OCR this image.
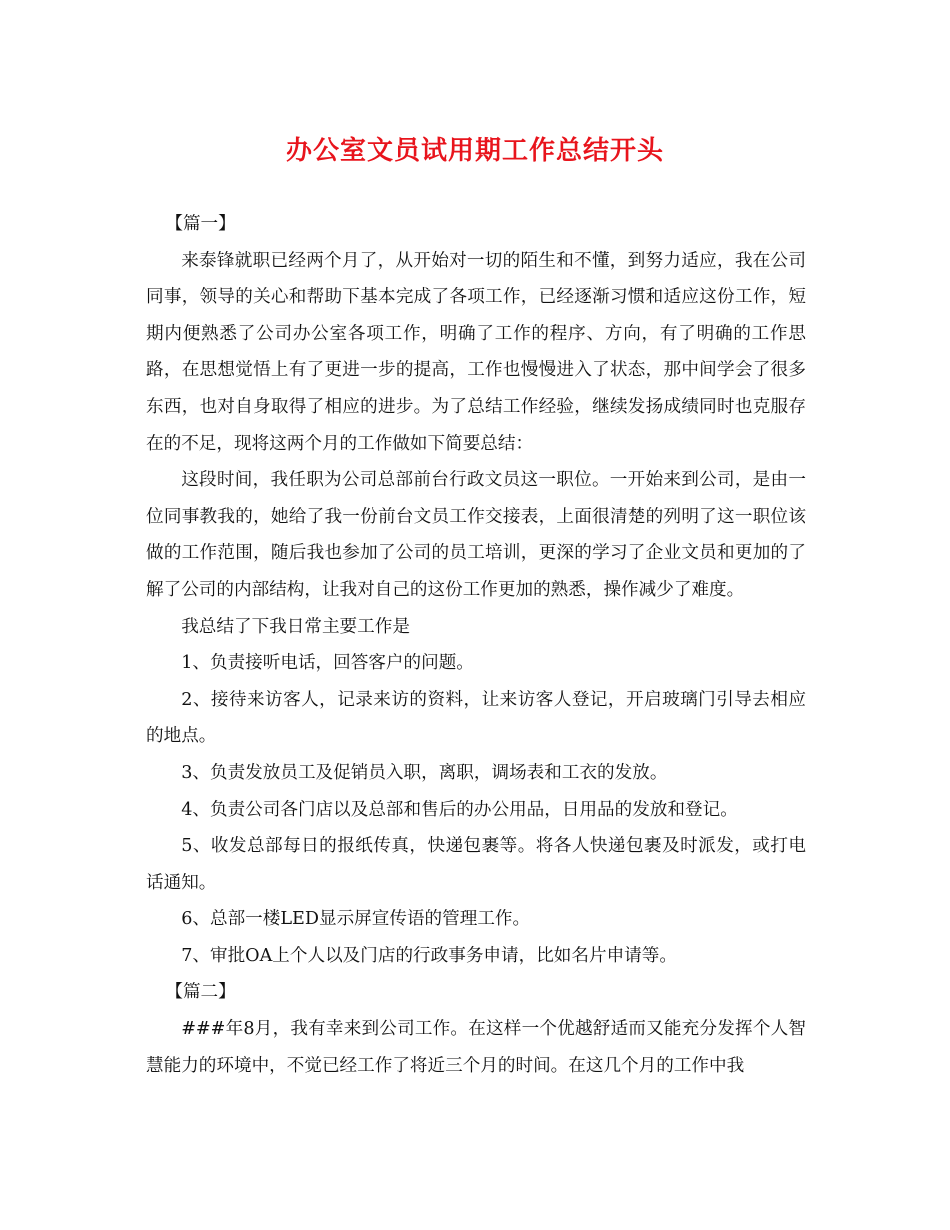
办公室文员试用期工作总结开头

【篇一】

来泰锋就职已经两个月了，从开始对一切的陌生和不懂，到努力适应，我在公司同事，领导的关心和帮助下基本完成了各项工作，已经逐渐习惯和适应这份工作，短期内便熟悉了公司办公室各项工作，明确了工作的程序、方向，有了明确的工作思路，在思想觉悟上有了更进一步的提高，工作也慢慢进入了状态，那中间学会了很多东西，也对自身取得了相应的进步。为了总结工作经验，继续发扬成绩同时也克服存在的不足，现将这两个月的工作做如下简要总结：

这段时间，我任职为公司总部前台行政文员这一职位。一开始来到公司，是由一位同事教我的，她给了我一份前台文员工作交接表，上面很清楚的列明了这一职位该做的工作范围，随后我也参加了公司的员工培训，更深的学习了企业文员和更加的了解了公司的内部结构，让我对自己的这份工作更加的熟悉，操作减少了难度。

我总结了下我日常主要工作是

1、负责接听电话，回答客户的问题。

2、接待来访客人，记录来访的资料，让来访客人登记，开启玻璃门引导去相应的地点。

3、负责发放员工及促销员入职，离职，调场表和工衣的发放。

4、负责公司各门店以及总部和售后的办公用品，日用品的发放和登记。

5、收发总部每日的报纸传真，快递包裹等。将各人快递包裹及时派发，或打电话通知。

6、总部一楼LED显示屏宣传语的管理工作。

7、审批OA上个人以及门店的行政事务申请，比如名片申请等。

【篇二】

###年8月，我有幸来到公司工作。在这样一个优越舒适而又能充分发挥个人智慧能力的环境中，不觉已经工作了将近三个月的时间。在这几个月的工作中我
